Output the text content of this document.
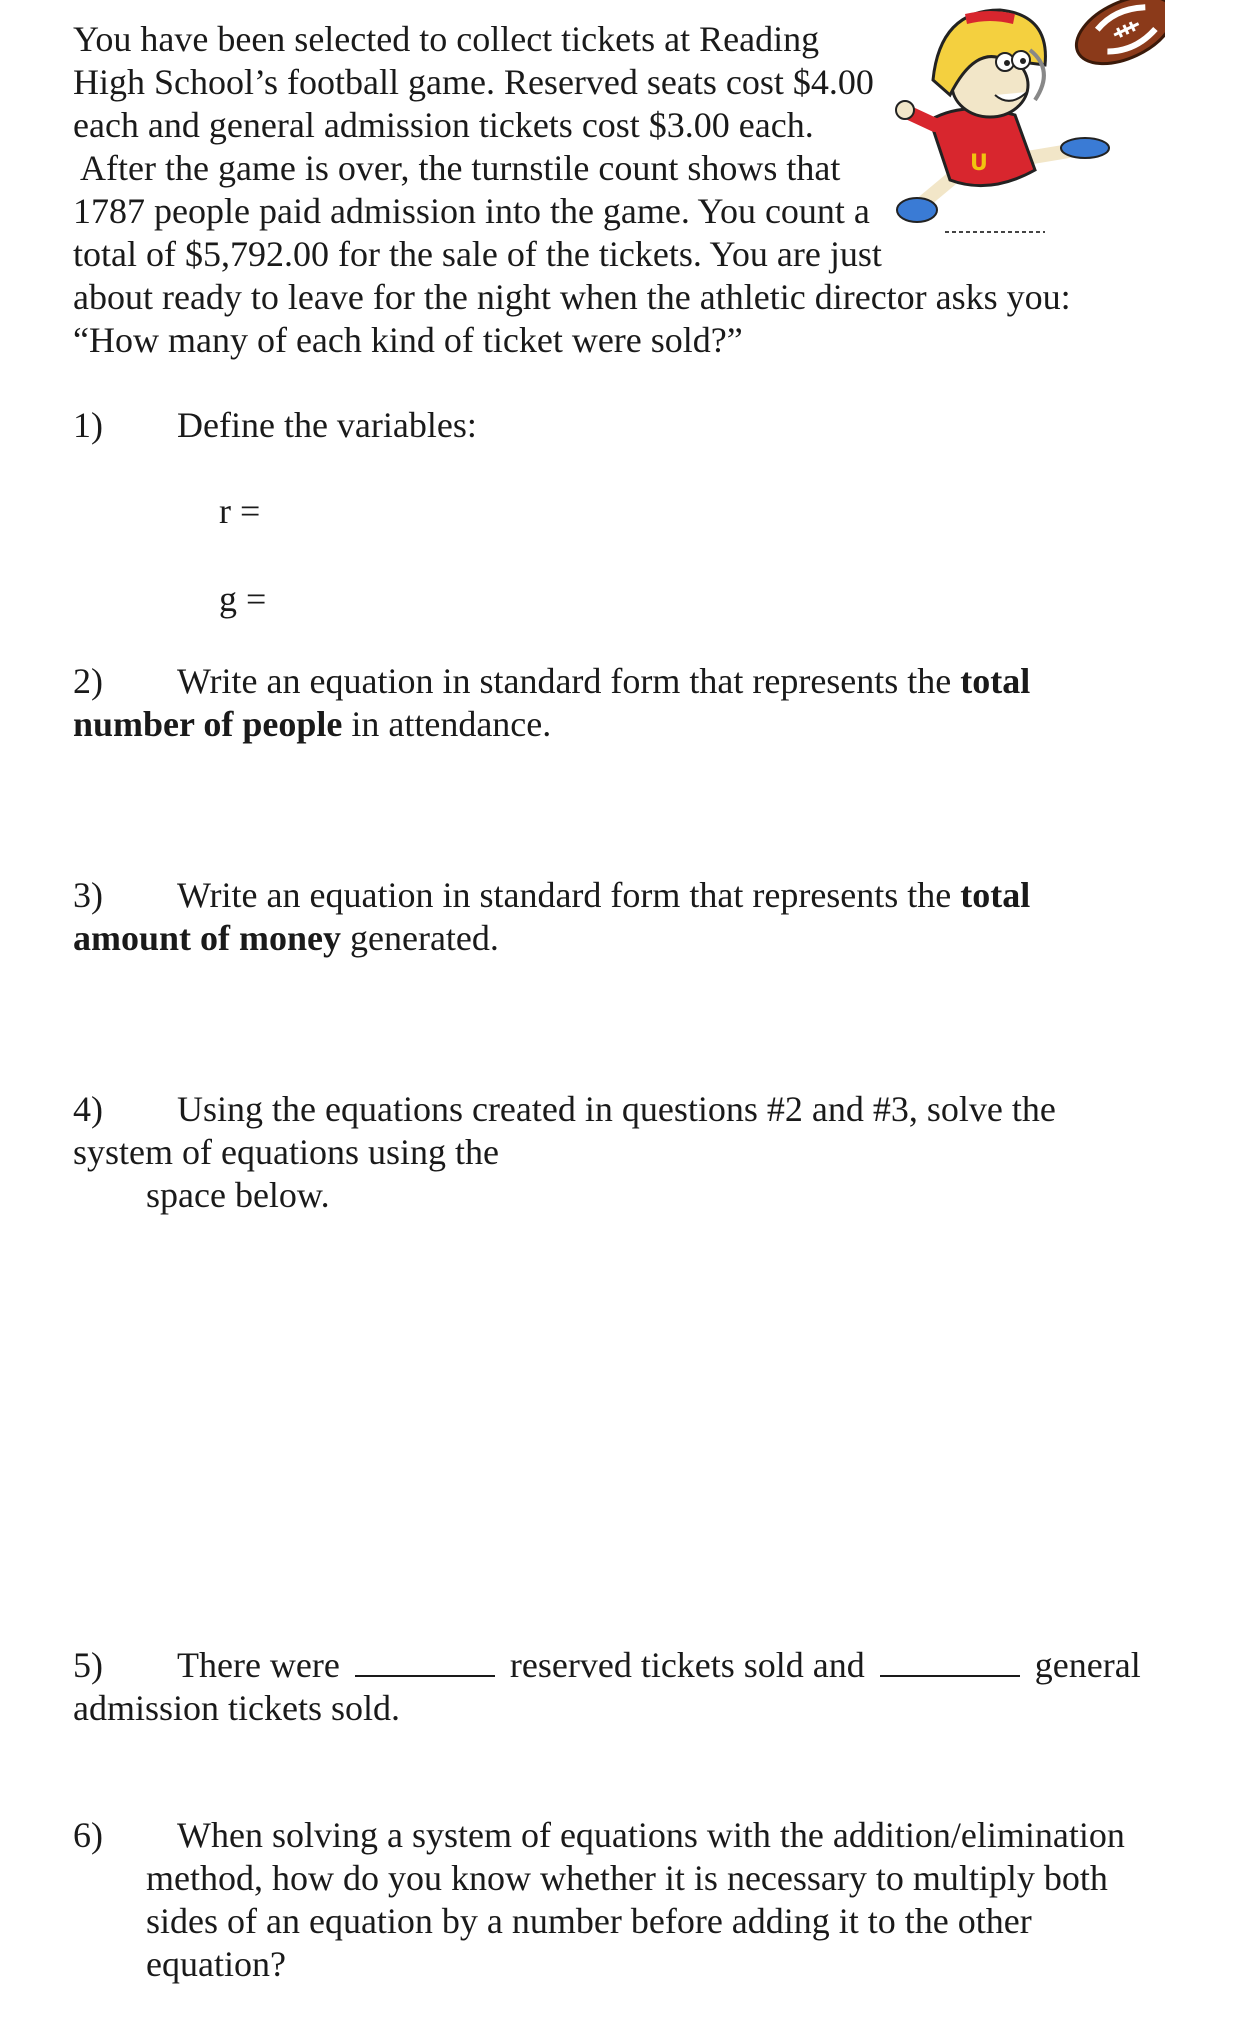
You have been selected to collect tickets at Reading
High School’s football game. Reserved seats cost $4.00
each and general admission tickets cost $3.00 each.
After the game is over, the turnstile count shows that
1787 people paid admission into the game. You count a
total of $5,792.00 for the sale of the tickets. You are just
about ready to leave for the night when the athletic director asks you:
“How many of each kind of ticket were sold?”
U
1) Define the variables:
r =
g =
2) Write an equation in standard form that represents the total
number of people in attendance.
3) Write an equation in standard form that represents the total
amount of money generated.
4) Using the equations created in questions #2 and #3, solve the
system of equations using the
space below.
5) There were	reserved tickets sold and	general
admission tickets sold.
6) When solving a system of equations with the addition/elimination
method, how do you know whether it is necessary to multiply both
sides of an equation by a number before adding it to the other
equation?
